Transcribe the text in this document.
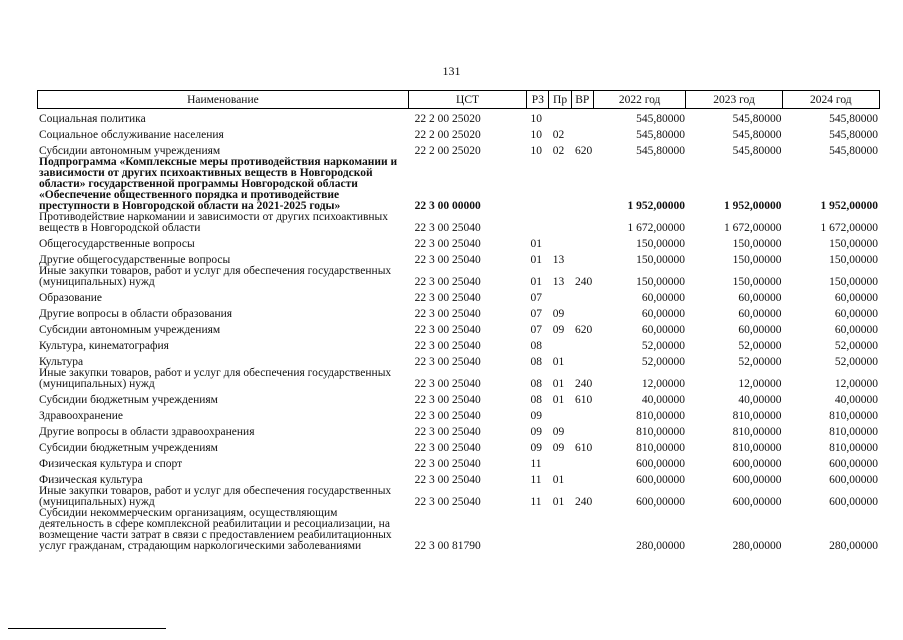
131
Наименование	ЦСТ	РЗ Пр ВР	2022 год	2023 год	2024 год
Социальная политика	22 2 00 25020	10	545,80000	545,80000	545,80000
Социальное обслуживание населения	22 2 00 25020	10 02	545,80000	545,80000	545,80000
Субсидии автономным учреждениям	22 2 00 25020	10 02 620	545,80000	545,80000	545,80000
Подпрограмма «Комплексные меры противодействия наркомании и зависимости от других психоактивных веществ в Новгородской области» государственной программы Новгородской области «Обеспечение общественного порядка и противодействие преступности в Новгородской области на 2021-2025 годы»	22 3 00 00000	1 952,00000	1 952,00000	1 952,00000
Противодействие наркомании и зависимости от других психоактивных веществ в Новгородской области	22 3 00 25040	1 672,00000	1 672,00000	1 672,00000
Общегосударственные вопросы	22 3 00 25040	01	150,00000	150,00000	150,00000
Другие общегосударственные вопросы	22 3 00 25040	01 13	150,00000	150,00000	150,00000
Иные закупки товаров, работ и услуг для обеспечения государственных (муниципальных) нужд	22 3 00 25040	01 13 240	150,00000	150,00000	150,00000
Образование	22 3 00 25040	07	60,00000	60,00000	60,00000
Другие вопросы в области образования	22 3 00 25040	07 09	60,00000	60,00000	60,00000
Субсидии автономным учреждениям	22 3 00 25040	07 09 620	60,00000	60,00000	60,00000
Культура, кинематография	22 3 00 25040	08	52,00000	52,00000	52,00000
Культура	22 3 00 25040	08 01	52,00000	52,00000	52,00000
Иные закупки товаров, работ и услуг для обеспечения государственных (муниципальных) нужд	22 3 00 25040	08 01 240	12,00000	12,00000	12,00000
Субсидии бюджетным учреждениям	22 3 00 25040	08 01 610	40,00000	40,00000	40,00000
Здравоохранение	22 3 00 25040	09	810,00000	810,00000	810,00000
Другие вопросы в области здравоохранения	22 3 00 25040	09 09	810,00000	810,00000	810,00000
Субсидии бюджетным учреждениям	22 3 00 25040	09 09 610	810,00000	810,00000	810,00000
Физическая культура и спорт	22 3 00 25040	11	600,00000	600,00000	600,00000
Физическая культура	22 3 00 25040	11 01	600,00000	600,00000	600,00000
Иные закупки товаров, работ и услуг для обеспечения государственных (муниципальных) нужд	22 3 00 25040	11 01 240	600,00000	600,00000	600,00000
Субсидии некоммерческим организациям, осуществляющим деятельность в сфере комплексной реабилитации и ресоциализации, на возмещение части затрат в связи с предоставлением реабилитационных услуг гражданам, страдающим наркологическими заболеваниями	22 3 00 81790	280,00000	280,00000	280,00000
